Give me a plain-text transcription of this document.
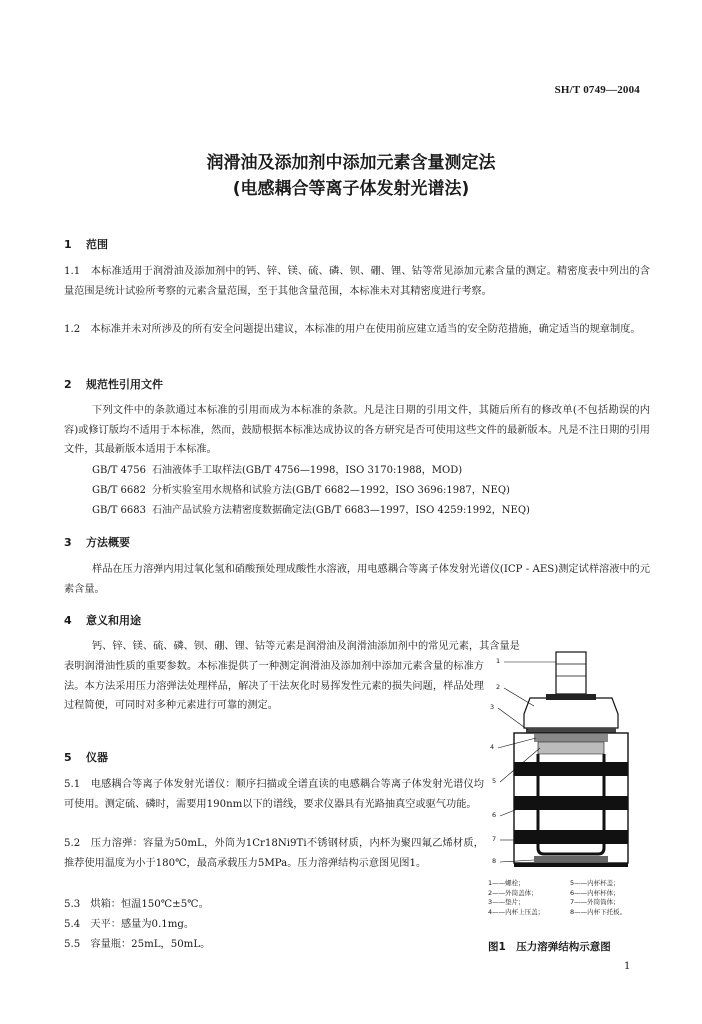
SH/T 0749—2004
润滑油及添加剂中添加元素含量测定法
(电感耦合等离子体发射光谱法)
1 范围
1.1　本标准适用于润滑油及添加剂中的钙、锌、镁、硫、磷、钡、硼、锂、钴等常见添加元素含量的测定。精密度表中列出的含量范围是统计试验所考察的元素含量范围，至于其他含量范围，本标准未对其精密度进行考察。
1.2　本标准并未对所涉及的所有安全问题提出建议，本标准的用户在使用前应建立适当的安全防范措施，确定适当的规章制度。
2 规范性引用文件
下列文件中的条款通过本标准的引用而成为本标准的条款。凡是注日期的引用文件，其随后所有的修改单(不包括勘误的内容)或修订版均不适用于本标准，然而，鼓励根据本标准达成协议的各方研究是否可使用这些文件的最新版本。凡是不注日期的引用文件，其最新版本适用于本标准。
GB/T 4756 石油液体手工取样法(GB/T 4756—1998，ISO 3170:1988，MOD)
GB/T 6682 分析实验室用水规格和试验方法(GB/T 6682—1992，ISO 3696:1987，NEQ)
GB/T 6683 石油产品试验方法精密度数据确定法(GB/T 6683—1997，ISO 4259:1992，NEQ)
3 方法概要
样品在压力溶弹内用过氧化氢和硝酸预处理成酸性水溶液，用电感耦合等离子体发射光谱仪(ICP - AES)测定试样溶液中的元素含量。
4 意义和用途
钙、锌、镁、硫、磷、钡、硼、锂、钴等元素是润滑油及润滑油添加剂中的常见元素，其含量是
表明润滑油性质的重要参数。本标准提供了一种测定润滑油及添加剂中添加元素含量的标准方法。本方法采用压力溶弹法处理样品，解决了干法灰化时易挥发性元素的损失问题，样品处理过程简便，可同时对多种元素进行可靠的测定。
5 仪器
5.1　电感耦合等离子体发射光谱仪：顺序扫描或全谱直读的电感耦合等离子体发射光谱仪均可使用。测定硫、磷时，需要用190nm以下的谱线，要求仪器具有光路抽真空或驱气功能。
5.2　压力溶弹：容量为50mL，外筒为1Cr18Ni9Ti不锈钢材质，内杯为聚四氟乙烯材质，推荐使用温度为小于180℃，最高承载压力5MPa。压力溶弹结构示意图见图1。
5.3　烘箱：恒温150℃±5℃。
5.4　天平：感量为0.1mg。
5.5　容量瓶：25mL，50mL。
1
2
3
4
5
6
7
8
1——螺栓；	5——内杯杯盖；
2——外筒盖体；	6——内杯杯体；
3——垫片；	7——外筒筒体；
4——内杯上压盖；	8——内杯下托板。
图1　压力溶弹结构示意图
1
